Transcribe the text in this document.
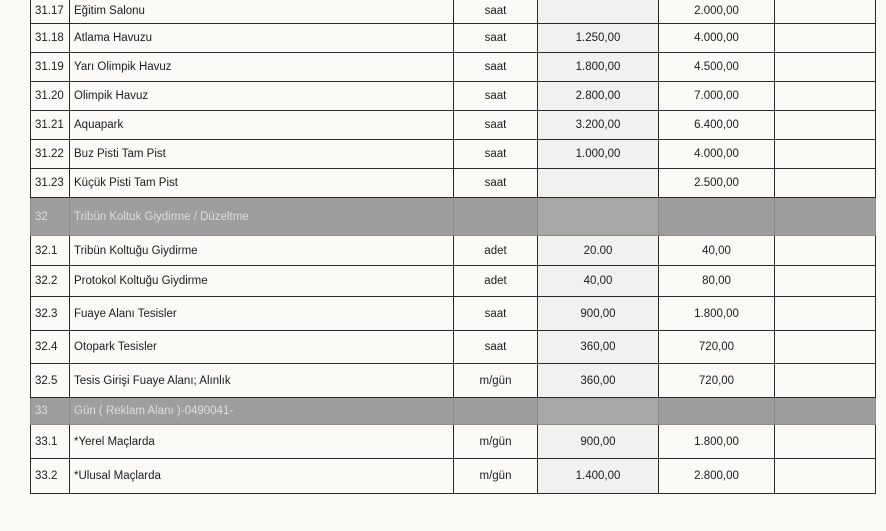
31.17	Eğitim Salonu	saat		2.000,00	
31.18	Atlama Havuzu	saat	1.250,00	4.000,00	
31.19	Yarı Olimpik Havuz	saat	1.800,00	4.500,00	
31.20	Olimpik Havuz	saat	2.800,00	7.000,00	
31.21	Aquapark	saat	3.200,00	6.400,00	
31.22	Buz Pisti Tam Pist	saat	1.000,00	4.000,00	
31.23	Küçük Pisti Tam Pist	saat		2.500,00	
32	Tribün Koltuk Giydirme / Düzeltme				
32.1	Tribün Koltuğu Giydirme	adet	20.00	40,00	
32.2	Protokol Koltuğu Giydirme	adet	40,00	80,00	
32.3	Fuaye Alanı Tesisler	saat	900,00	1.800,00	
32.4	Otopark Tesisler	saat	360,00	720,00	
32.5	Tesis Girişi Fuaye Alanı; Alınlık	m/gün	360,00	720,00	
33	Gün ( Reklam Alanı )-0490041-				
33.1	*Yerel Maçlarda	m/gün	900,00	1.800,00	
33.2	*Ulusal Maçlarda	m/gün	1.400,00	2.800,00	
